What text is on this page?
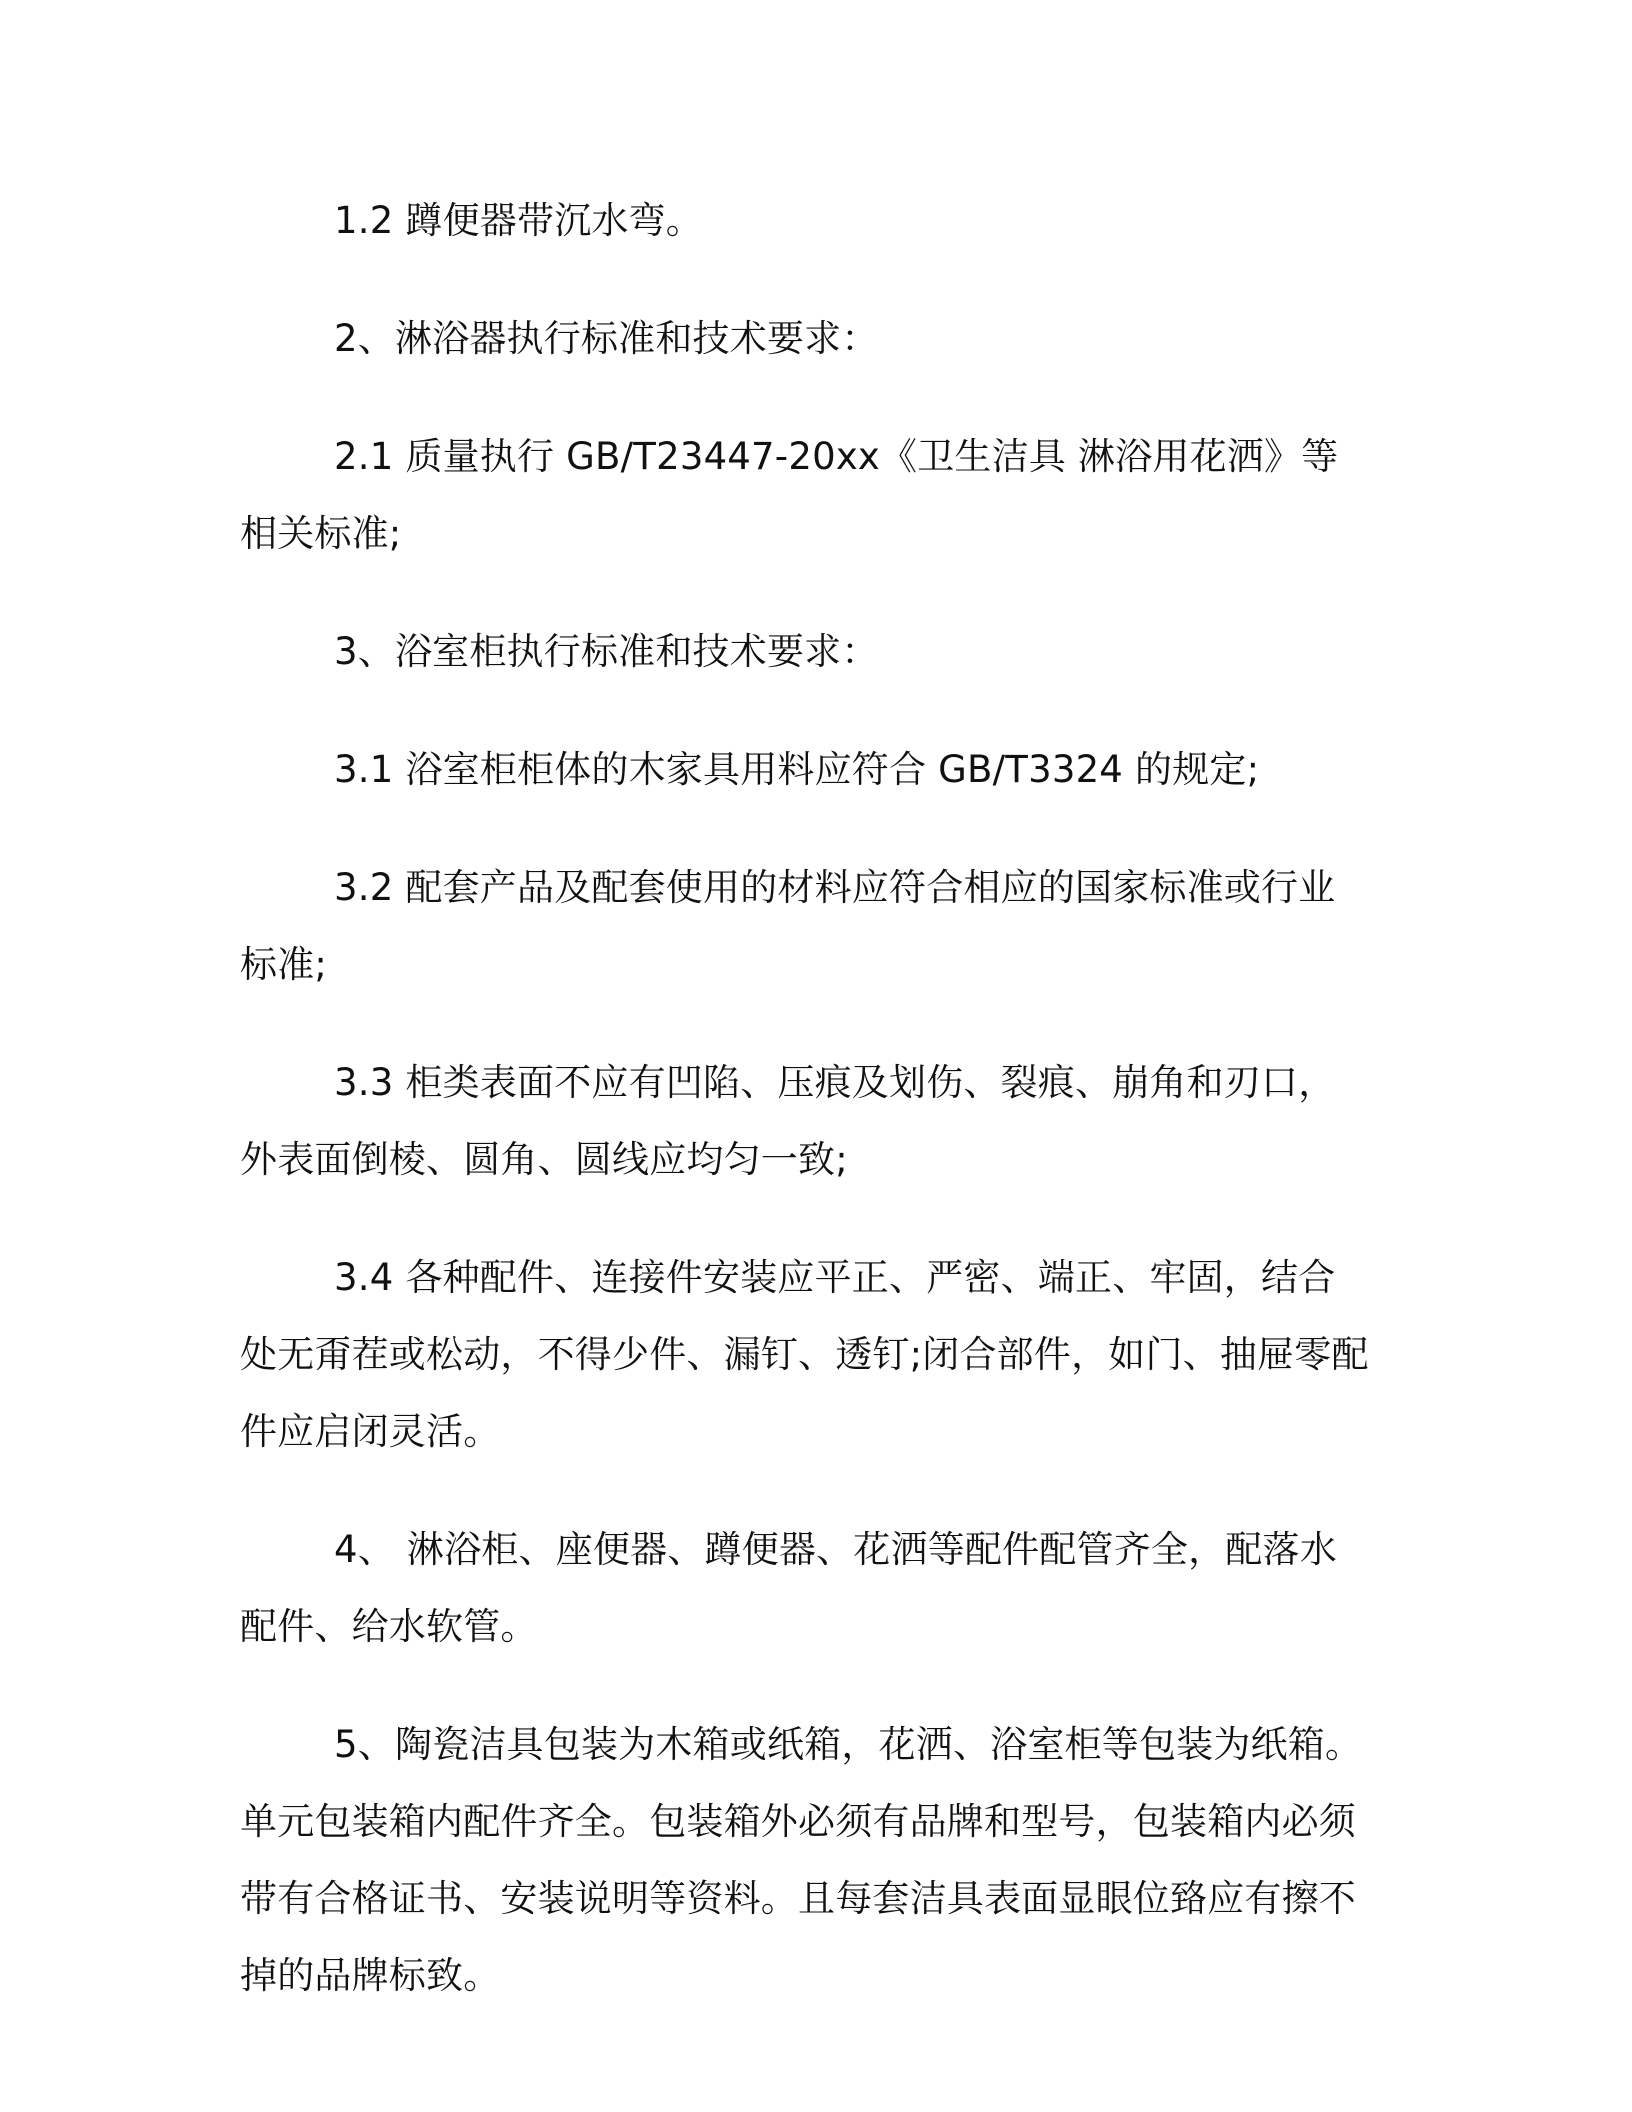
1.2 蹲便器带沉水弯。

2、淋浴器执行标准和技术要求：

2.1 质量执行 GB/T23447-20xx《卫生洁具 淋浴用花洒》等相关标准;

3、浴室柜执行标准和技术要求：

3.1 浴室柜柜体的木家具用料应符合 GB/T3324 的规定;

3.2 配套产品及配套使用的材料应符合相应的国家标准或行业标准;

3.3 柜类表面不应有凹陷、压痕及划伤、裂痕、崩角和刃口，外表面倒棱、圆角、圆线应均匀一致;

3.4 各种配件、连接件安装应平正、严密、端正、牢固，结合处无甭茬或松动，不得少件、漏钉、透钉;闭合部件，如门、抽屉零配件应启闭灵活。

4、 淋浴柜、座便器、蹲便器、花洒等配件配管齐全，配落水配件、给水软管。

5、陶瓷洁具包装为木箱或纸箱，花洒、浴室柜等包装为纸箱。单元包装箱内配件齐全。包装箱外必须有品牌和型号，包装箱内必须带有合格证书、安装说明等资料。且每套洁具表面显眼位臵应有擦不掉的品牌标致。
